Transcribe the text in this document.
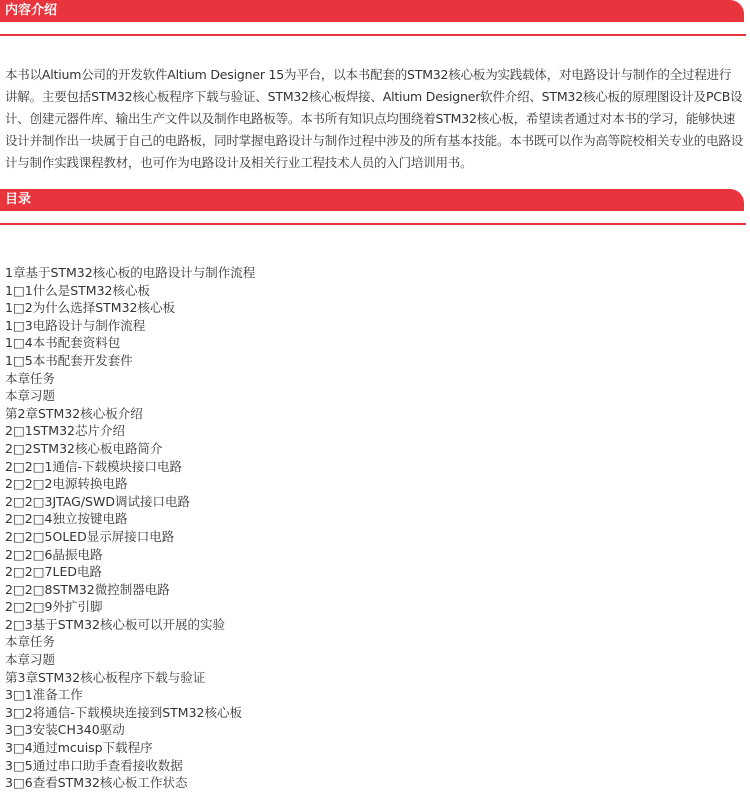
内容介绍

本书以Altium公司的开发软件Altium Designer 15为平台，以本书配套的STM32核心板为实践载体，对电路设计与制作的全过程进行讲解。主要包括STM32核心板程序下载与验证、STM32核心板焊接、Altium Designer软件介绍、STM32核心板的原理图设计及PCB设计、创建元器件库、输出生产文件以及制作电路板等。本书所有知识点均围绕着STM32核心板，希望读者通过对本书的学习，能够快速设计并制作出一块属于自己的电路板，同时掌握电路设计与制作过程中涉及的所有基本技能。本书既可以作为高等院校相关专业的电路设计与制作实践课程教材，也可作为电路设计及相关行业工程技术人员的入门培训用书。

目录
1章基于STM32核心板的电路设计与制作流程
1□1什么是STM32核心板
1□2为什么选择STM32核心板
1□3电路设计与制作流程
1□4本书配套资料包
1□5本书配套开发套件
本章任务
本章习题
第2章STM32核心板介绍
2□1STM32芯片介绍
2□2STM32核心板电路简介
2□2□1通信-下载模块接口电路
2□2□2电源转换电路
2□2□3JTAG/SWD调试接口电路
2□2□4独立按键电路
2□2□5OLED显示屏接口电路
2□2□6晶振电路
2□2□7LED电路
2□2□8STM32微控制器电路
2□2□9外扩引脚
2□3基于STM32核心板可以开展的实验
本章任务
本章习题
第3章STM32核心板程序下载与验证
3□1准备工作
3□2将通信-下载模块连接到STM32核心板
3□3安装CH340驱动
3□4通过mcuisp下载程序
3□5通过串口助手查看接收数据
3□6查看STM32核心板工作状态
